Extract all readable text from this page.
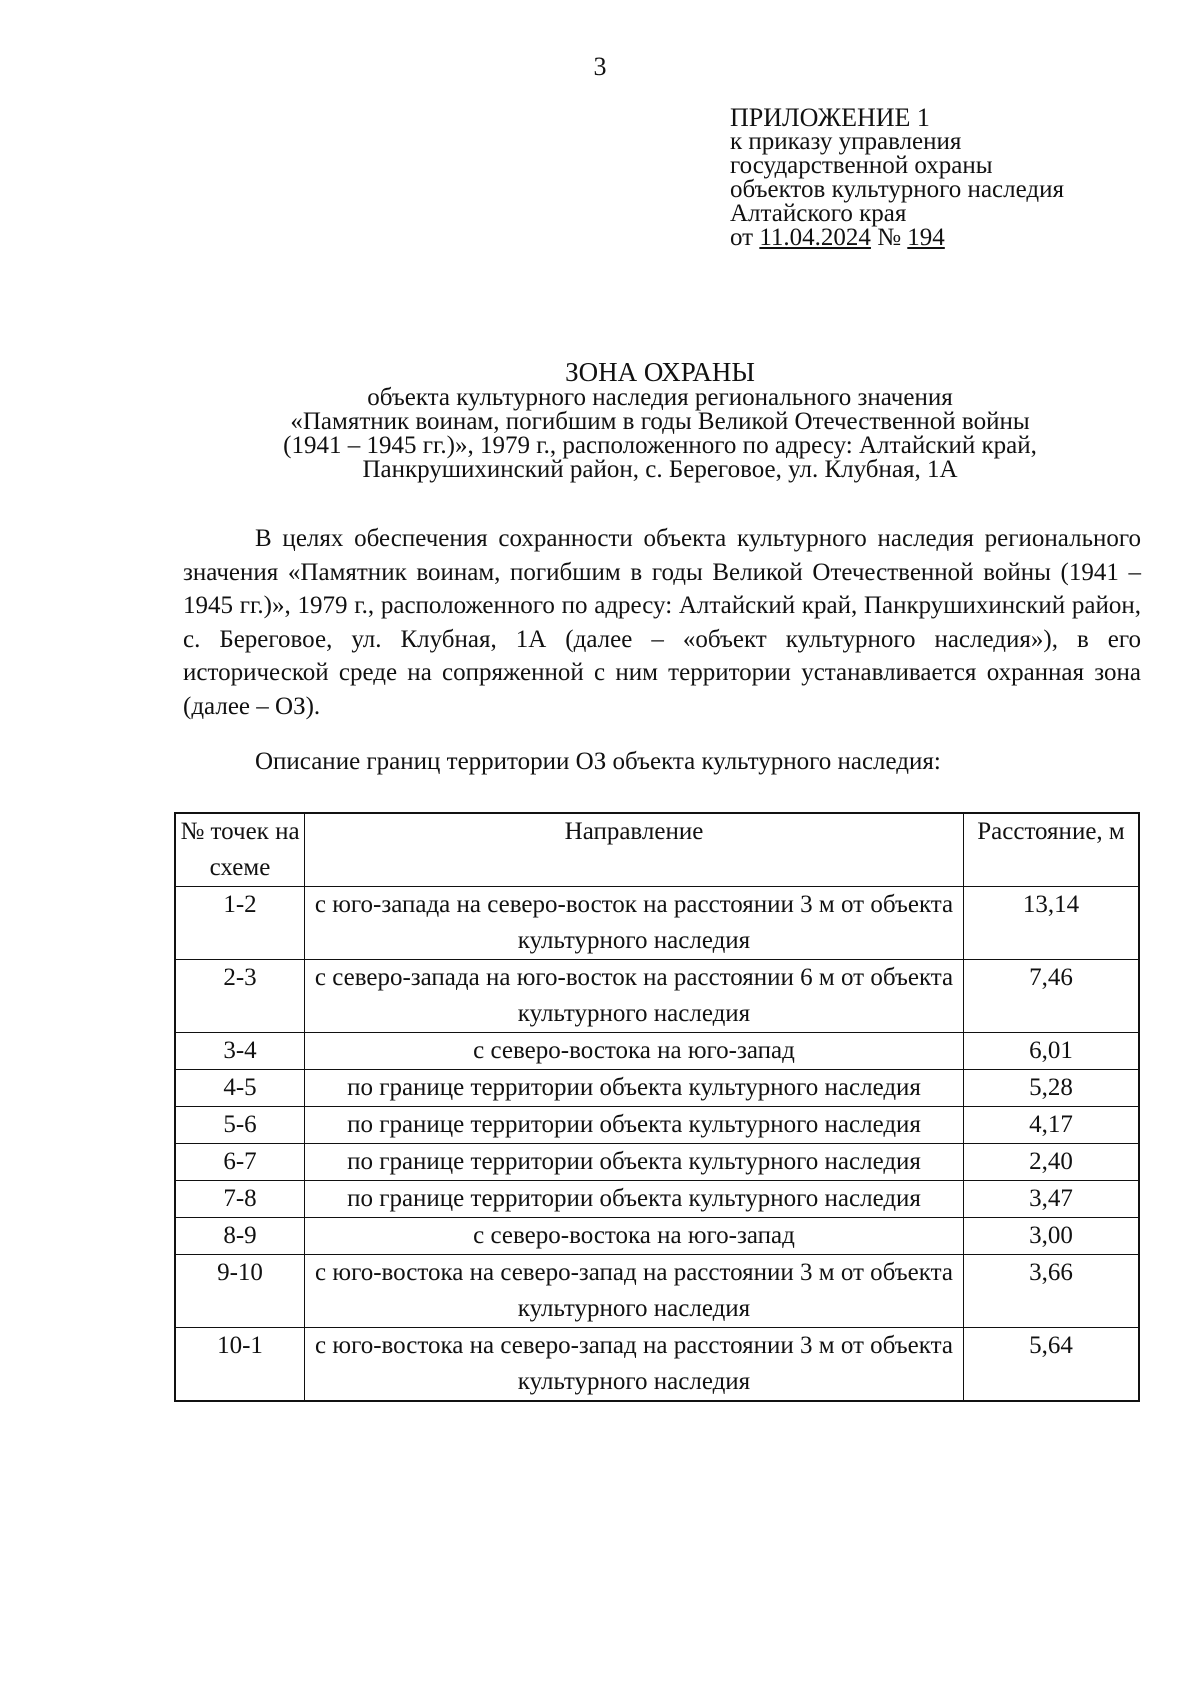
3
ПРИЛОЖЕНИЕ 1
к приказу управления
государственной охраны
объектов культурного наследия
Алтайского края
от 11.04.2024 № 194
ЗОНА ОХРАНЫ
объекта культурного наследия регионального значения
«Памятник воинам, погибшим в годы Великой Отечественной войны
(1941 – 1945 гг.)», 1979 г., расположенного по адресу: Алтайский край,
Панкрушихинский район, с. Береговое, ул. Клубная, 1А

В целях обеспечения сохранности объекта культурного наследия регионального значения «Памятник воинам, погибшим в годы Великой Отечественной войны (1941 – 1945 гг.)», 1979 г., расположенного по адресу: Алтайский край, Панкрушихинский район, с. Береговое, ул. Клубная, 1А (далее – «объект культурного наследия»), в его исторической среде на сопряженной с ним территории устанавливается охранная зона (далее – ОЗ).

Описание границ территории ОЗ объекта культурного наследия:
№ точек на схеме	Направление	Расстояние, м
1-2	с юго-запада на северо-восток на расстоянии 3 м от объекта культурного наследия	13,14
2-3	с северо-запада на юго-восток на расстоянии 6 м от объекта культурного наследия	7,46
3-4	с северо-востока на юго-запад	6,01
4-5	по границе территории объекта культурного наследия	5,28
5-6	по границе территории объекта культурного наследия	4,17
6-7	по границе территории объекта культурного наследия	2,40
7-8	по границе территории объекта культурного наследия	3,47
8-9	с северо-востока на юго-запад	3,00
9-10	с юго-востока на северо-запад на расстоянии 3 м от объекта культурного наследия	3,66
10-1	с юго-востока на северо-запад на расстоянии 3 м от объекта культурного наследия	5,64
